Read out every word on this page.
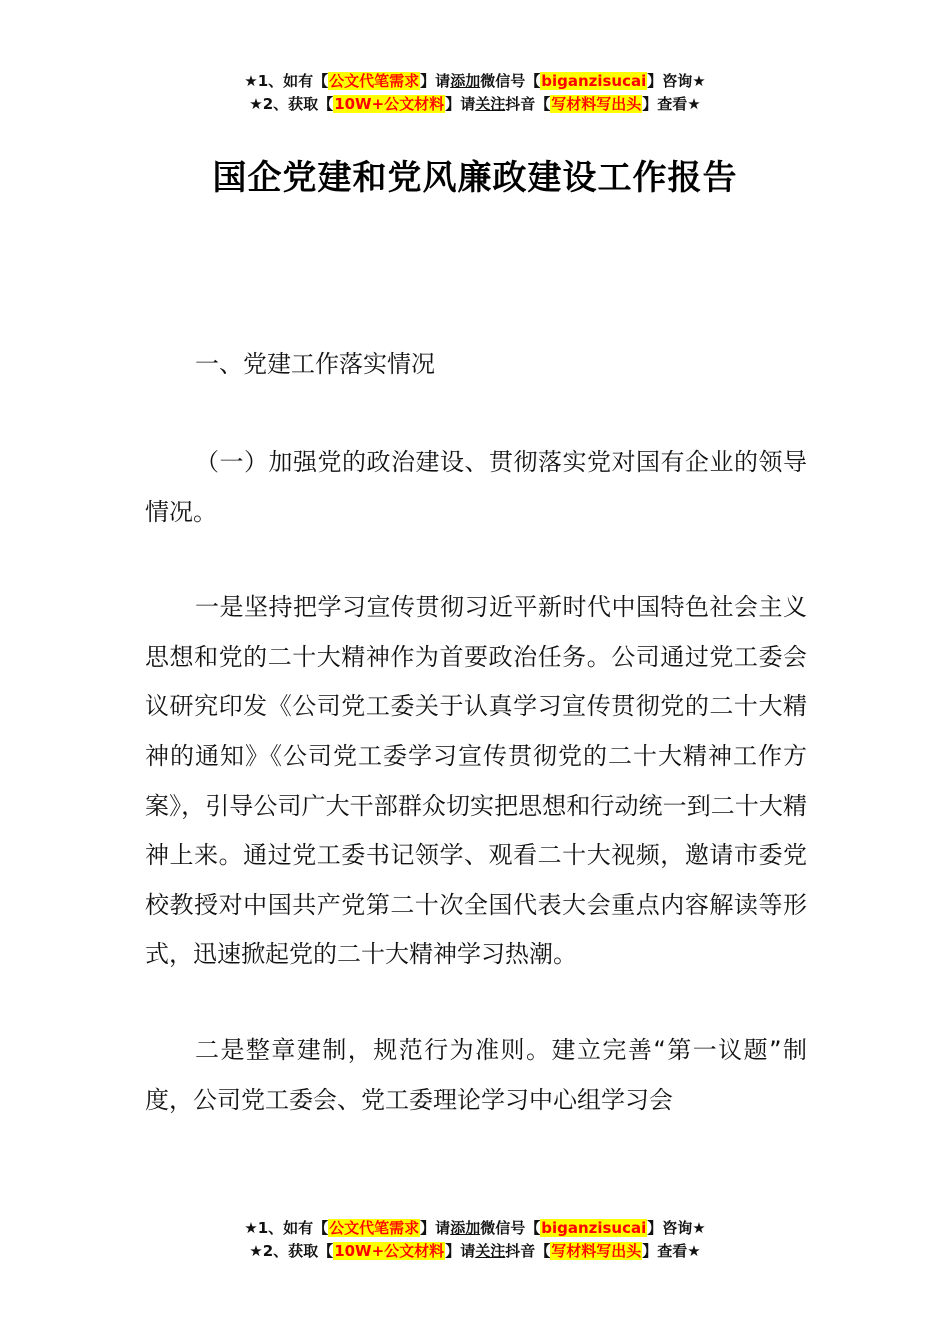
★1、如有【公文代笔需求】请添加微信号【biganzisucai】咨询★
★2、获取【10W+公文材料】请关注抖音【写材料写出头】查看★
国企党建和党风廉政建设工作报告
一、党建工作落实情况

（一）加强党的政治建设、贯彻落实党对国有企业的领导情况。

一是坚持把学习宣传贯彻习近平新时代中国特色社会主义思想和党的二十大精神作为首要政治任务。公司通过党工委会议研究印发《公司党工委关于认真学习宣传贯彻党的二十大精神的通知》《公司党工委学习宣传贯彻党的二十大精神工作方案》，引导公司广大干部群众切实把思想和行动统一到二十大精神上来。通过党工委书记领学、观看二十大视频，邀请市委党校教授对中国共产党第二十次全国代表大会重点内容解读等形式，迅速掀起党的二十大精神学习热潮。

二是整章建制，规范行为准则。建立完善“第一议题”制度，公司党工委会、党工委理论学习中心组学习会

★1、如有【公文代笔需求】请添加微信号【biganzisucai】咨询★
★2、获取【10W+公文材料】请关注抖音【写材料写出头】查看★
